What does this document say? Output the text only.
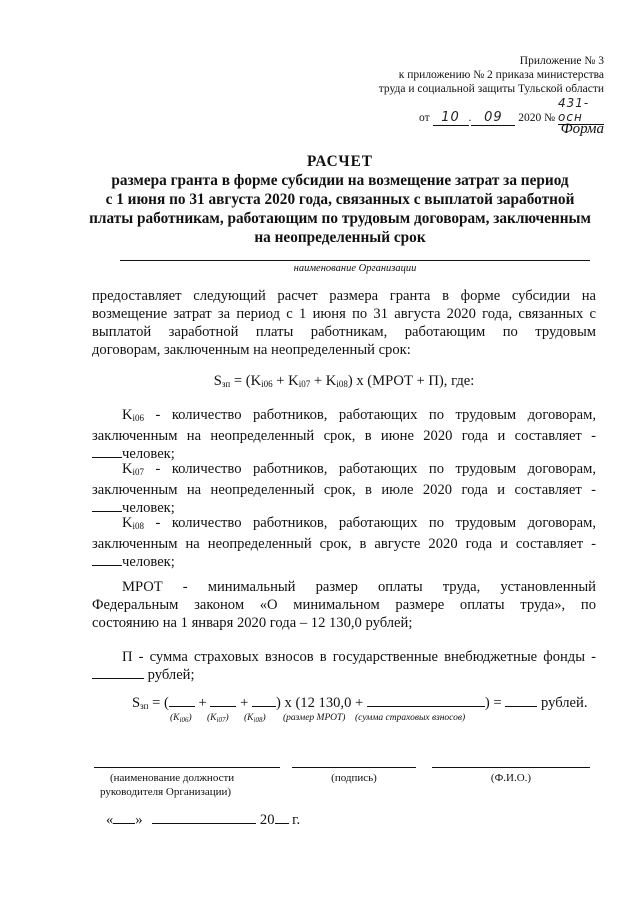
Приложение № 3
к приложению № 2 приказа министерства
труда и социальной защиты Тульской области
от 10 . 09 2020 № 431-осн
Форма
РАСЧЕТ
размера гранта в форме субсидии на возмещение затрат за период
с 1 июня по 31 августа 2020 года, связанных с выплатой заработной
платы работникам, работающим по трудовым договорам, заключенным
на неопределенный срок
наименование Организации
предоставляет следующий расчет размера гранта в форме субсидии на
возмещение затрат за период с 1 июня по 31 августа 2020 года, связанных с
выплатой заработной платы работникам, работающим по трудовым
договорам, заключенным на неопределенный срок:
$S_{зп} = (K_{i06} + K_{i07} + K_{i08})$ x (МРОТ + П), где:
$K_{i06}$ - количество работников, работающих по трудовым договорам,
заключенным на неопределенный срок, в июне 2020 года и составляет -
человек;
$K_{i07}$ - количество работников, работающих по трудовым договорам,
заключенным на неопределенный срок, в июле 2020 года и составляет -
человек;
$K_{i08}$ - количество работников, работающих по трудовым договорам,
заключенным на неопределенный срок, в августе 2020 года и составляет -
человек;
МРОТ - минимальный размер оплаты труда, установленный
Федеральным законом «О минимальном размере оплаты труда», по
состоянию на 1 января 2020 года – 12 130,0 рублей;
П - сумма страховых взносов в государственные внебюджетные фонды -
рублей;
$S_{зп}$ = ( + + ) x (12 130,0 +	) =	рублей.
$(K_{i06})$ $(K_{i07})$ $(K_{i08})$ (размер МРОТ) (сумма страховых взносов)
(наименование должности
руководителя Организации)
(подпись)	(Ф.И.О.)
« »	20 г.
